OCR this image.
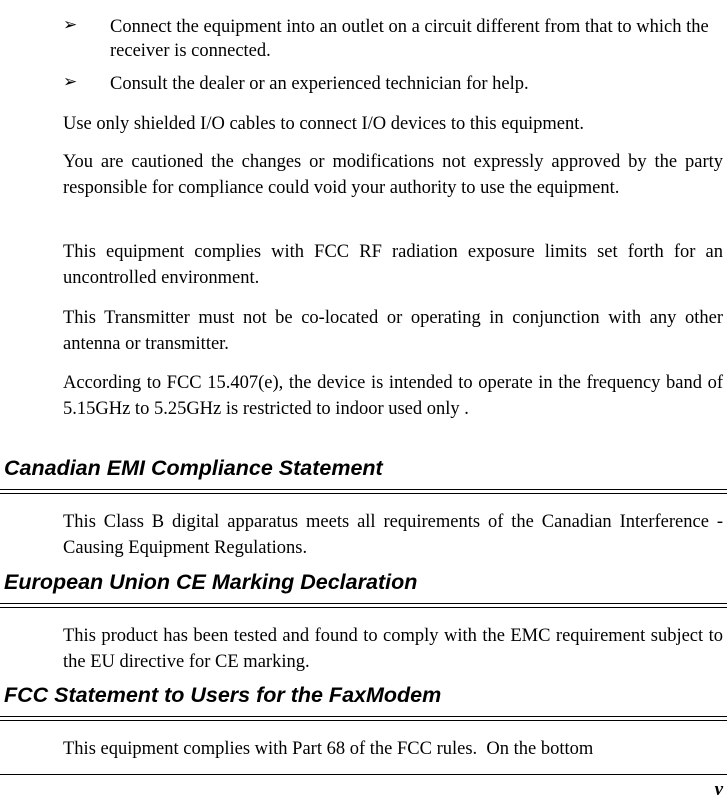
➢ Connect the equipment into an outlet on a circuit different from that to which the receiver is connected.
➢ Consult the dealer or an experienced technician for help.

Use only shielded I/O cables to connect I/O devices to this equipment.

You are cautioned the changes or modifications not expressly approved by the party responsible for compliance could void your authority to use the equipment.

This equipment complies with FCC RF radiation exposure limits set forth for an uncontrolled environment.

This Transmitter must not be co-located or operating in conjunction with any other antenna or transmitter.

According to FCC 15.407(e), the device is intended to operate in the frequency band of 5.15GHz to 5.25GHz is restricted to indoor used only .

Canadian EMI Compliance Statement

This Class B digital apparatus meets all requirements of the Canadian Interference - Causing Equipment Regulations.

European Union CE Marking Declaration

This product has been tested and found to comply with the EMC requirement subject to the EU directive for CE marking.

FCC Statement to Users for the FaxModem

This equipment complies with Part 68 of the FCC rules.  On the bottom

v
